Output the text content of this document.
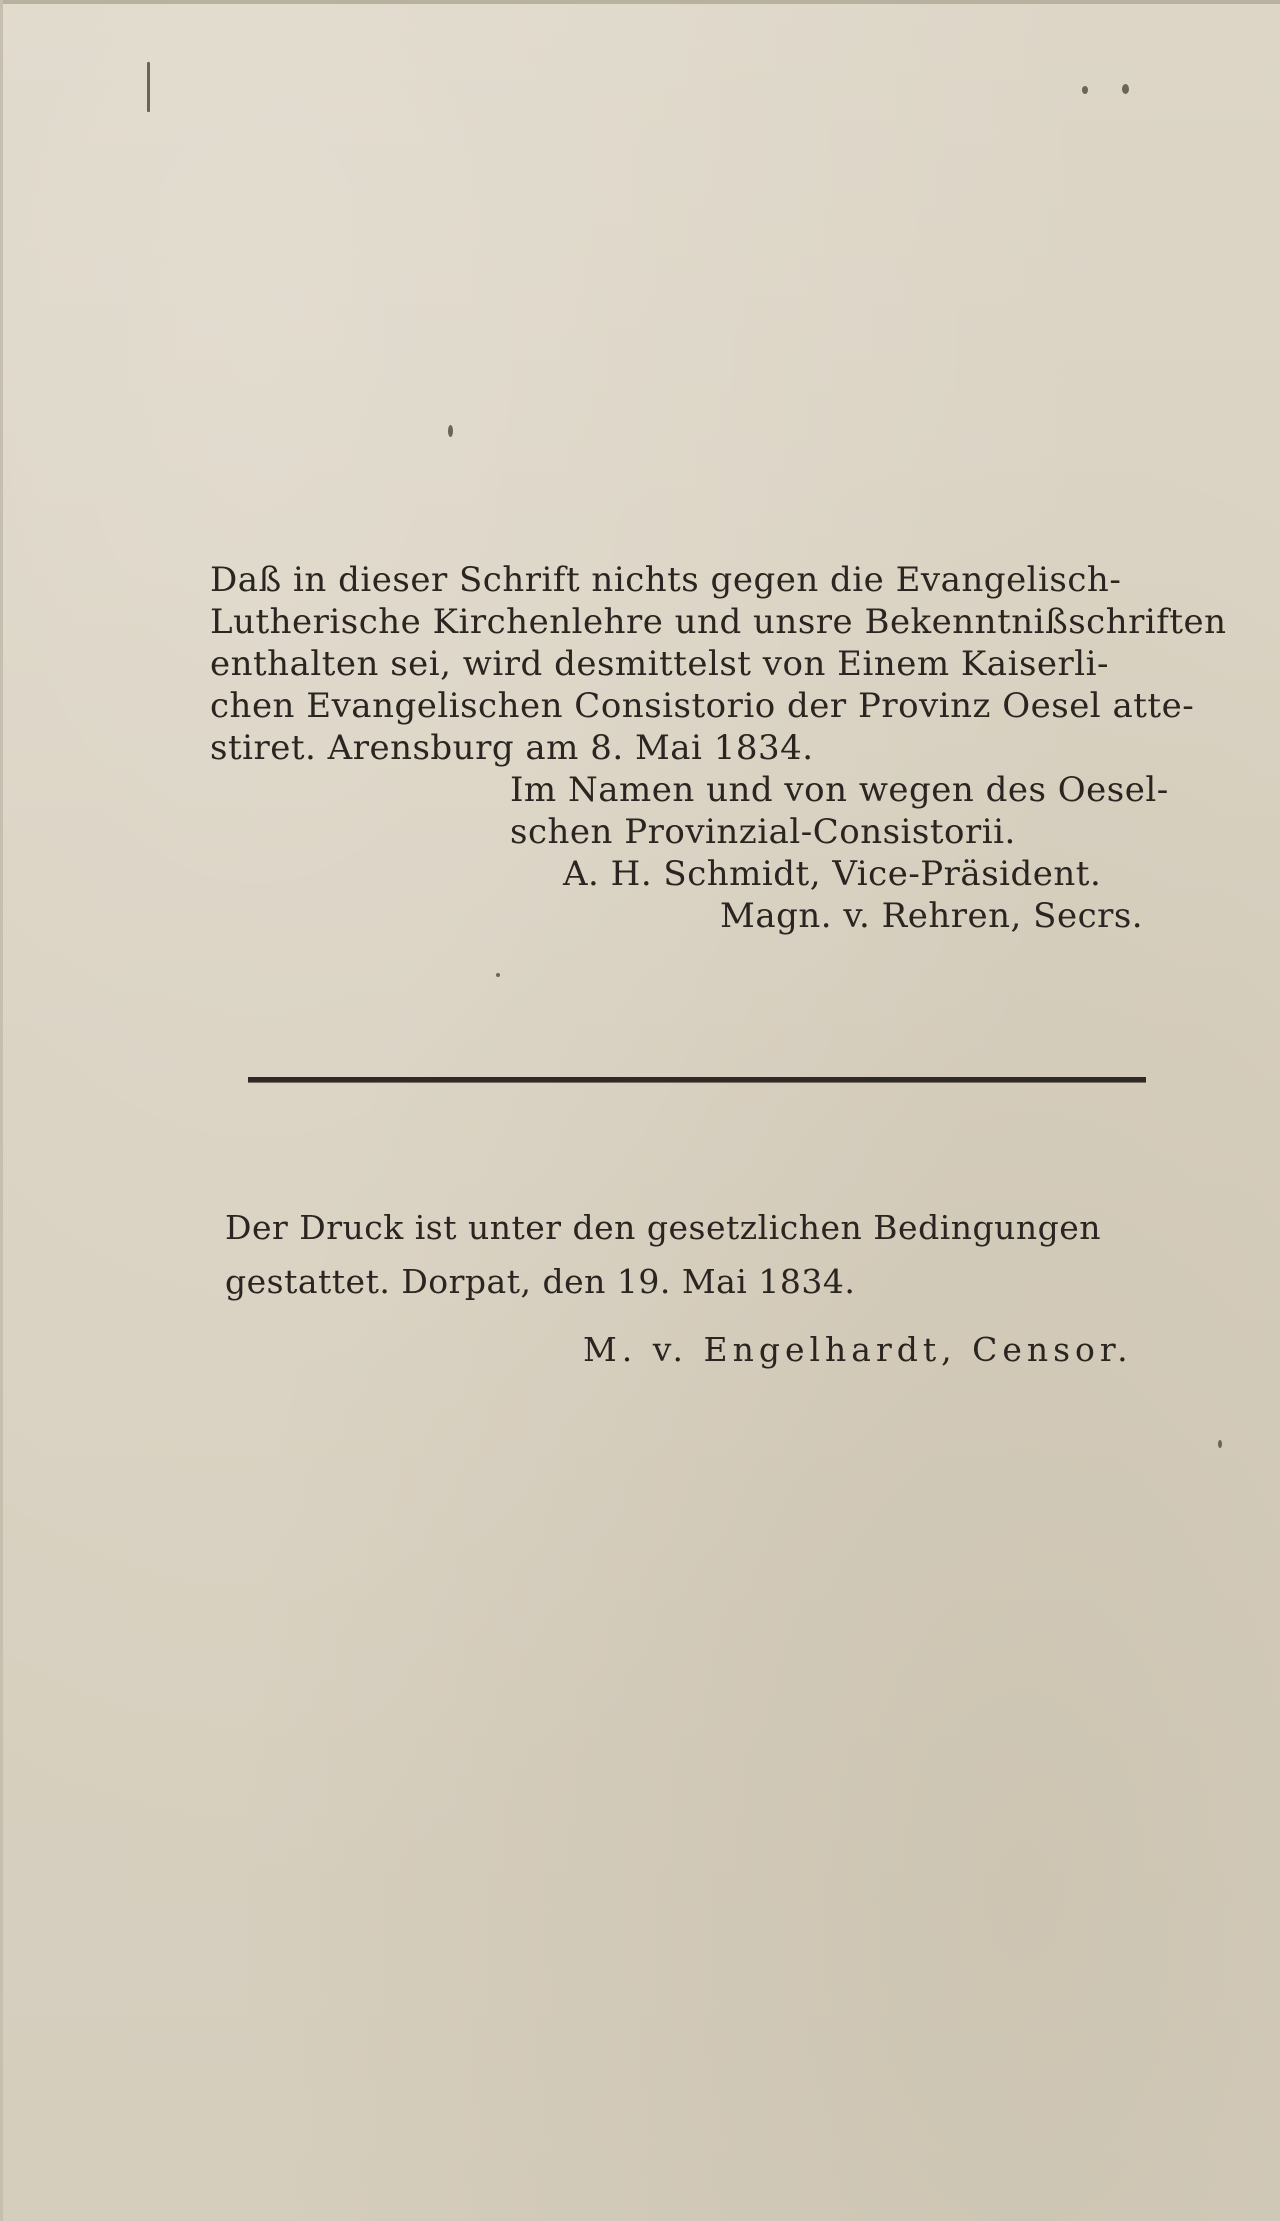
Daß in dieser Schrift nichts gegen die Evangelisch-
Lutherische Kirchenlehre und unsre Bekenntnißschriften
enthalten sei, wird desmittelst von Einem Kaiserli-
chen Evangelischen Consistorio der Provinz Oesel atte-
stiret. Arensburg am 8. Mai 1834.
Im Namen und von wegen des Oesel-
schen Provinzial-Consistorii.
A. H. Schmidt, Vice-Präsident.
Magn. v. Rehren, Secrs.
Der Druck ist unter den gesetzlichen Bedingungen
gestattet. Dorpat, den 19. Mai 1834.
M. v. Engelhardt, Censor.
